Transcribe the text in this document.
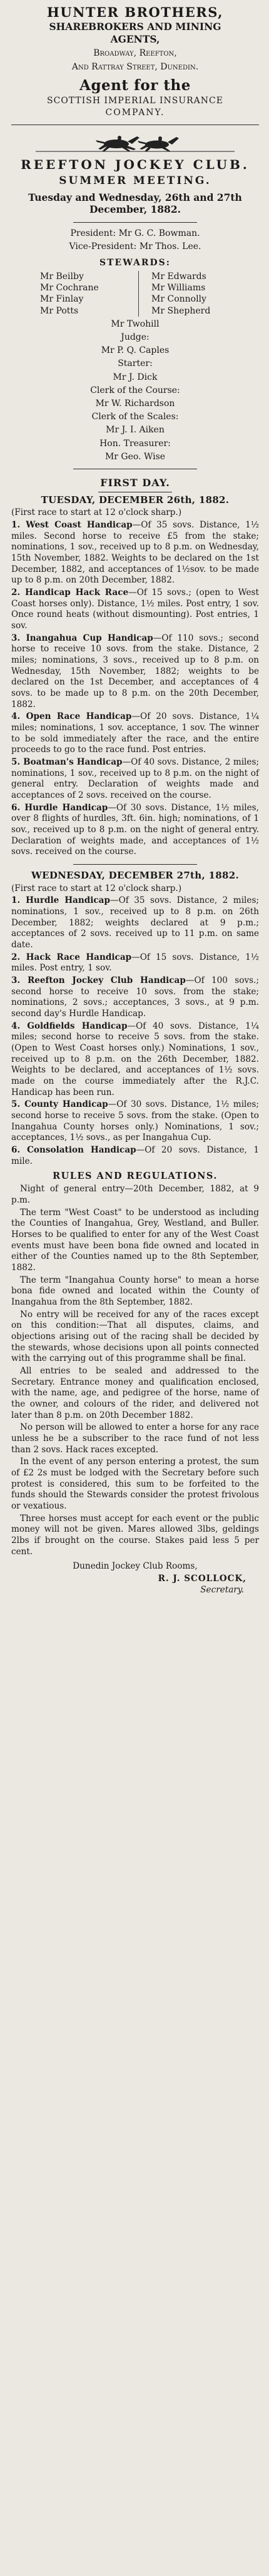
HUNTER BROTHERS,
SHAREBROKERS AND MINING
AGENTS,
Broadway, Reefton,
And Rattray Street, Dunedin.
Agent for the
SCOTTISH IMPERIAL INSURANCE
COMPANY.
REEFTON JOCKEY CLUB.
SUMMER MEETING.
Tuesday and Wednesday, 26th and 27th December, 1882.
President: Mr G. C. Bowman.
Vice-President: Mr Thos. Lee.
STEWARDS:
Mr Beilby	Mr Edwards
Mr Cochrane	Mr Williams
Mr Finlay	Mr Connolly
Mr Potts	Mr Shepherd
Mr Twohill
Judge:
Mr P. Q. Caples
Starter:
Mr J. Dick
Clerk of the Course:
Mr W. Richardson
Clerk of the Scales:
Mr J. I. Aiken
Hon. Treasurer:
Mr Geo. Wise
FIRST DAY.
TUESDAY, DECEMBER 26th, 1882.
(First race to start at 12 o'clock sharp.)
1. West Coast Handicap—Of 35 sovs. Distance, 1½ miles. Second horse to receive £5 from the stake; nominations, 1 sov., received up to 8 p.m. on Wednesday, 15th November, 1882. Weights to be declared on the 1st December, 1882, and acceptances of 1½sov. to be made up to 8 p.m. on 20th December, 1882.
2. Handicap Hack Race—Of 15 sovs.; (open to West Coast horses only). Distance, 1½ miles. Post entry, 1 sov. Once round heats (without dismounting). Post entries, 1 sov.
3. Inangahua Cup Handicap—Of 110 sovs.; second horse to receive 10 sovs. from the stake. Distance, 2 miles; nominations, 3 sovs., received up to 8 p.m. on Wednesday, 15th November, 1882; weights to be declared on the 1st December, and acceptances of 4 sovs. to be made up to 8 p.m. on the 20th December, 1882.
4. Open Race Handicap—Of 20 sovs. Distance, 1¼ miles; nominations, 1 sov. acceptance, 1 sov. The winner to be sold immediately after the race, and the entire proceeds to go to the race fund. Post entries.
5. Boatman's Handicap—Of 40 sovs. Distance, 2 miles; nominations, 1 sov., received up to 8 p.m. on the night of general entry. Declaration of weights made and acceptances of 2 sovs. received on the course.
6. Hurdle Handicap—Of 30 sovs. Distance, 1½ miles, over 8 flights of hurdles, 3ft. 6in. high; nominations, of 1 sov., received up to 8 p.m. on the night of general entry. Declaration of weights made, and acceptances of 1½ sovs. received on the course.
WEDNESDAY, DECEMBER 27th, 1882.
(First race to start at 12 o'clock sharp.)
1. Hurdle Handicap—Of 35 sovs. Distance, 2 miles; nominations, 1 sov., received up to 8 p.m. on 26th December, 1882; weights declared at 9 p.m.; acceptances of 2 sovs. received up to 11 p.m. on same date.
2. Hack Race Handicap—Of 15 sovs. Distance, 1½ miles. Post entry, 1 sov.
3. Reefton Jockey Club Handicap—Of 100 sovs.; second horse to receive 10 sovs. from the stake; nominations, 2 sovs.; acceptances, 3 sovs., at 9 p.m. second day's Hurdle Handicap.
4. Goldfields Handicap—Of 40 sovs. Distance, 1¼ miles; second horse to receive 5 sovs. from the stake. (Open to West Coast horses only.) Nominations, 1 sov., received up to 8 p.m. on the 26th December, 1882. Weights to be declared, and acceptances of 1½ sovs. made on the course immediately after the R.J.C. Handicap has been run.
5. County Handicap—Of 30 sovs. Distance, 1½ miles; second horse to receive 5 sovs. from the stake. (Open to Inangahua County horses only.) Nominations, 1 sov.; acceptances, 1½ sovs., as per Inangahua Cup.
6. Consolation Handicap—Of 20 sovs. Distance, 1 mile.
RULES AND REGULATIONS.
Night of general entry—20th December, 1882, at 9 p.m.
The term "West Coast" to be understood as including the Counties of Inangahua, Grey, Westland, and Buller. Horses to be qualified to enter for any of the West Coast events must have been bona fide owned and located in either of the Counties named up to the 8th September, 1882.
The term "Inangahua County horse" to mean a horse bona fide owned and located within the County of Inangahua from the 8th September, 1882.
No entry will be received for any of the races except on this condition:—That all disputes, claims, and objections arising out of the racing shall be decided by the stewards, whose decisions upon all points connected with the carrying out of this programme shall be final.
All entries to be sealed and addressed to the Secretary. Entrance money and qualification enclosed, with the name, age, and pedigree of the horse, name of the owner, and colours of the rider, and delivered not later than 8 p.m. on 20th December 1882.
No person will be allowed to enter a horse for any race unless he be a subscriber to the race fund of not less than 2 sovs. Hack races excepted.
In the event of any person entering a protest, the sum of £2 2s must be lodged with the Secretary before such protest is considered, this sum to be forfeited to the funds should the Stewards consider the protest frivolous or vexatious.
Three horses must accept for each event or the public money will not be given. Mares allowed 3lbs, geldings 2lbs if brought on the course. Stakes paid less 5 per cent.
Dunedin Jockey Club Rooms,
R. J. SCOLLOCK,
Secretary.
